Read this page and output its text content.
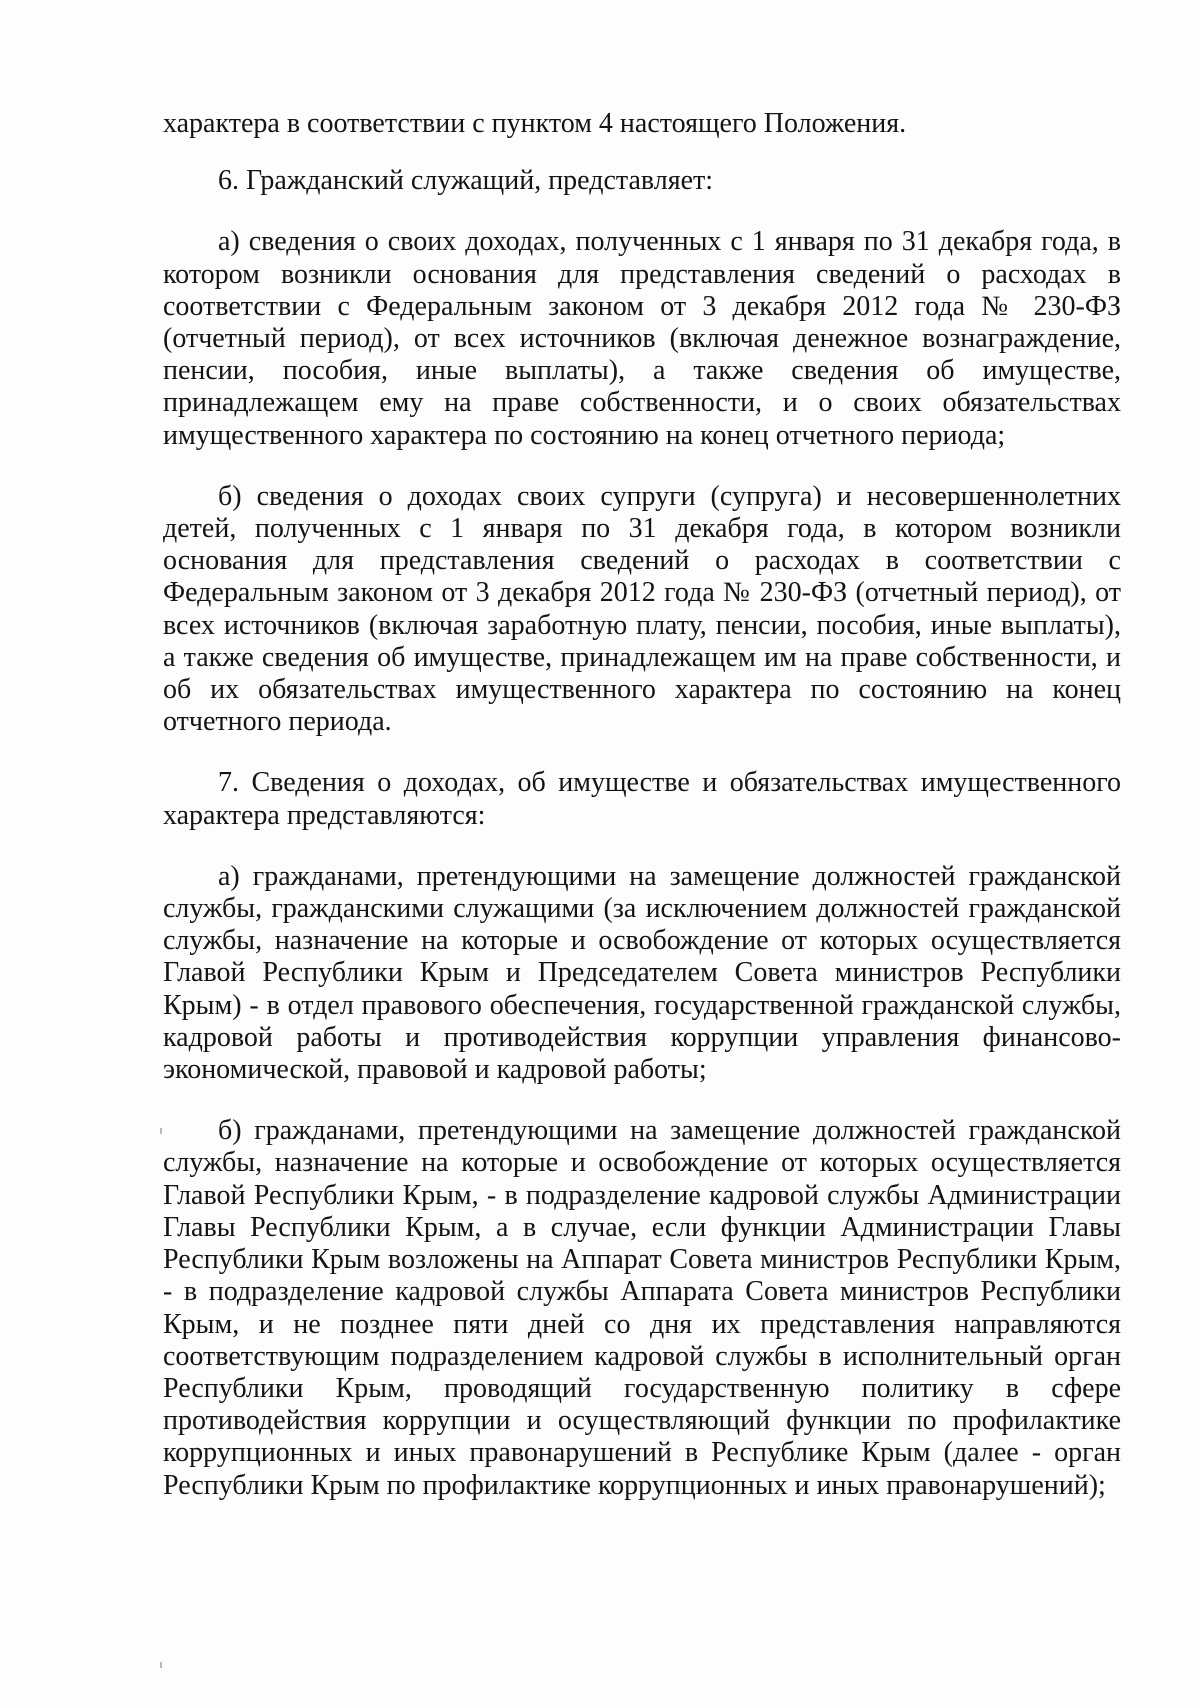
характера в соответствии с пунктом 4 настоящего Положения.

6. Гражданский служащий, представляет:

а) сведения о своих доходах, полученных с 1 января по 31 декабря года, в котором возникли основания для представления сведений о расходах в соответствии с Федеральным законом от 3 декабря 2012 года № 230-ФЗ (отчетный период), от всех источников (включая денежное вознаграждение, пенсии, пособия, иные выплаты), а также сведения об имуществе, принадлежащем ему на праве собственности, и о своих обязательствах имущественного характера по состоянию на конец отчетного периода;

б) сведения о доходах своих супруги (супруга) и несовершеннолетних детей, полученных с 1 января по 31 декабря года, в котором возникли основания для представления сведений о расходах в соответствии с Федеральным законом от 3 декабря 2012 года № 230-ФЗ (отчетный период), от всех источников (включая заработную плату, пенсии, пособия, иные выплаты), а также сведения об имуществе, принадлежащем им на праве собственности, и об их обязательствах имущественного характера по состоянию на конец отчетного периода.

7. Сведения о доходах, об имуществе и обязательствах имущественного характера представляются:

а) гражданами, претендующими на замещение должностей гражданской службы, гражданскими служащими (за исключением должностей гражданской службы, назначение на которые и освобождение от которых осуществляется Главой Республики Крым и Председателем Совета министров Республики Крым) - в отдел правового обеспечения, государственной гражданской службы, кадровой работы и противодействия коррупции управления финансово-экономической, правовой и кадровой работы;

б) гражданами, претендующими на замещение должностей гражданской службы, назначение на которые и освобождение от которых осуществляется Главой Республики Крым, - в подразделение кадровой службы Администрации Главы Республики Крым, а в случае, если функции Администрации Главы Республики Крым возложены на Аппарат Совета министров Республики Крым, - в подразделение кадровой службы Аппарата Совета министров Республики Крым, и не позднее пяти дней со дня их представления направляются соответствующим подразделением кадровой службы в исполнительный орган Республики Крым, проводящий государственную политику в сфере противодействия коррупции и осуществляющий функции по профилактике коррупционных и иных правонарушений в Республике Крым (далее - орган Республики Крым по профилактике коррупционных и иных правонарушений);
